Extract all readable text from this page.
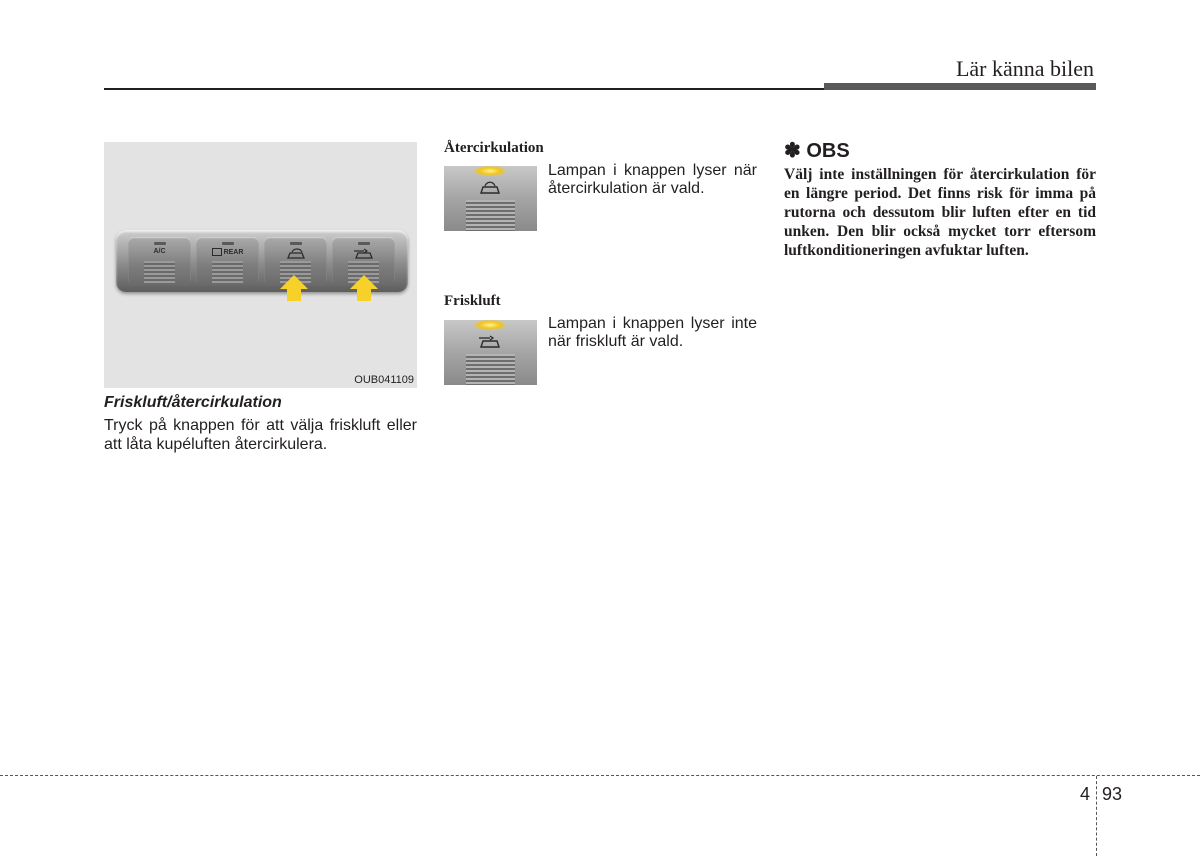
Lär känna bilen
A/C	REAR
OUB041109
Friskluft/återcirkulation
Tryck på knappen för att välja friskluft eller att låta kupéluften återcirkulera.
Återcirkulation
Lampan i knappen lyser när återcirkulation är vald.
Friskluft
Lampan i knappen lyser inte när friskluft är vald.
✽ OBS
Välj inte inställningen för återcirkulation för en längre period. Det finns risk för imma på rutorna och dessutom blir luften efter en tid unken. Den blir också mycket torr eftersom luftkonditioneringen avfuktar luften.
4 93
